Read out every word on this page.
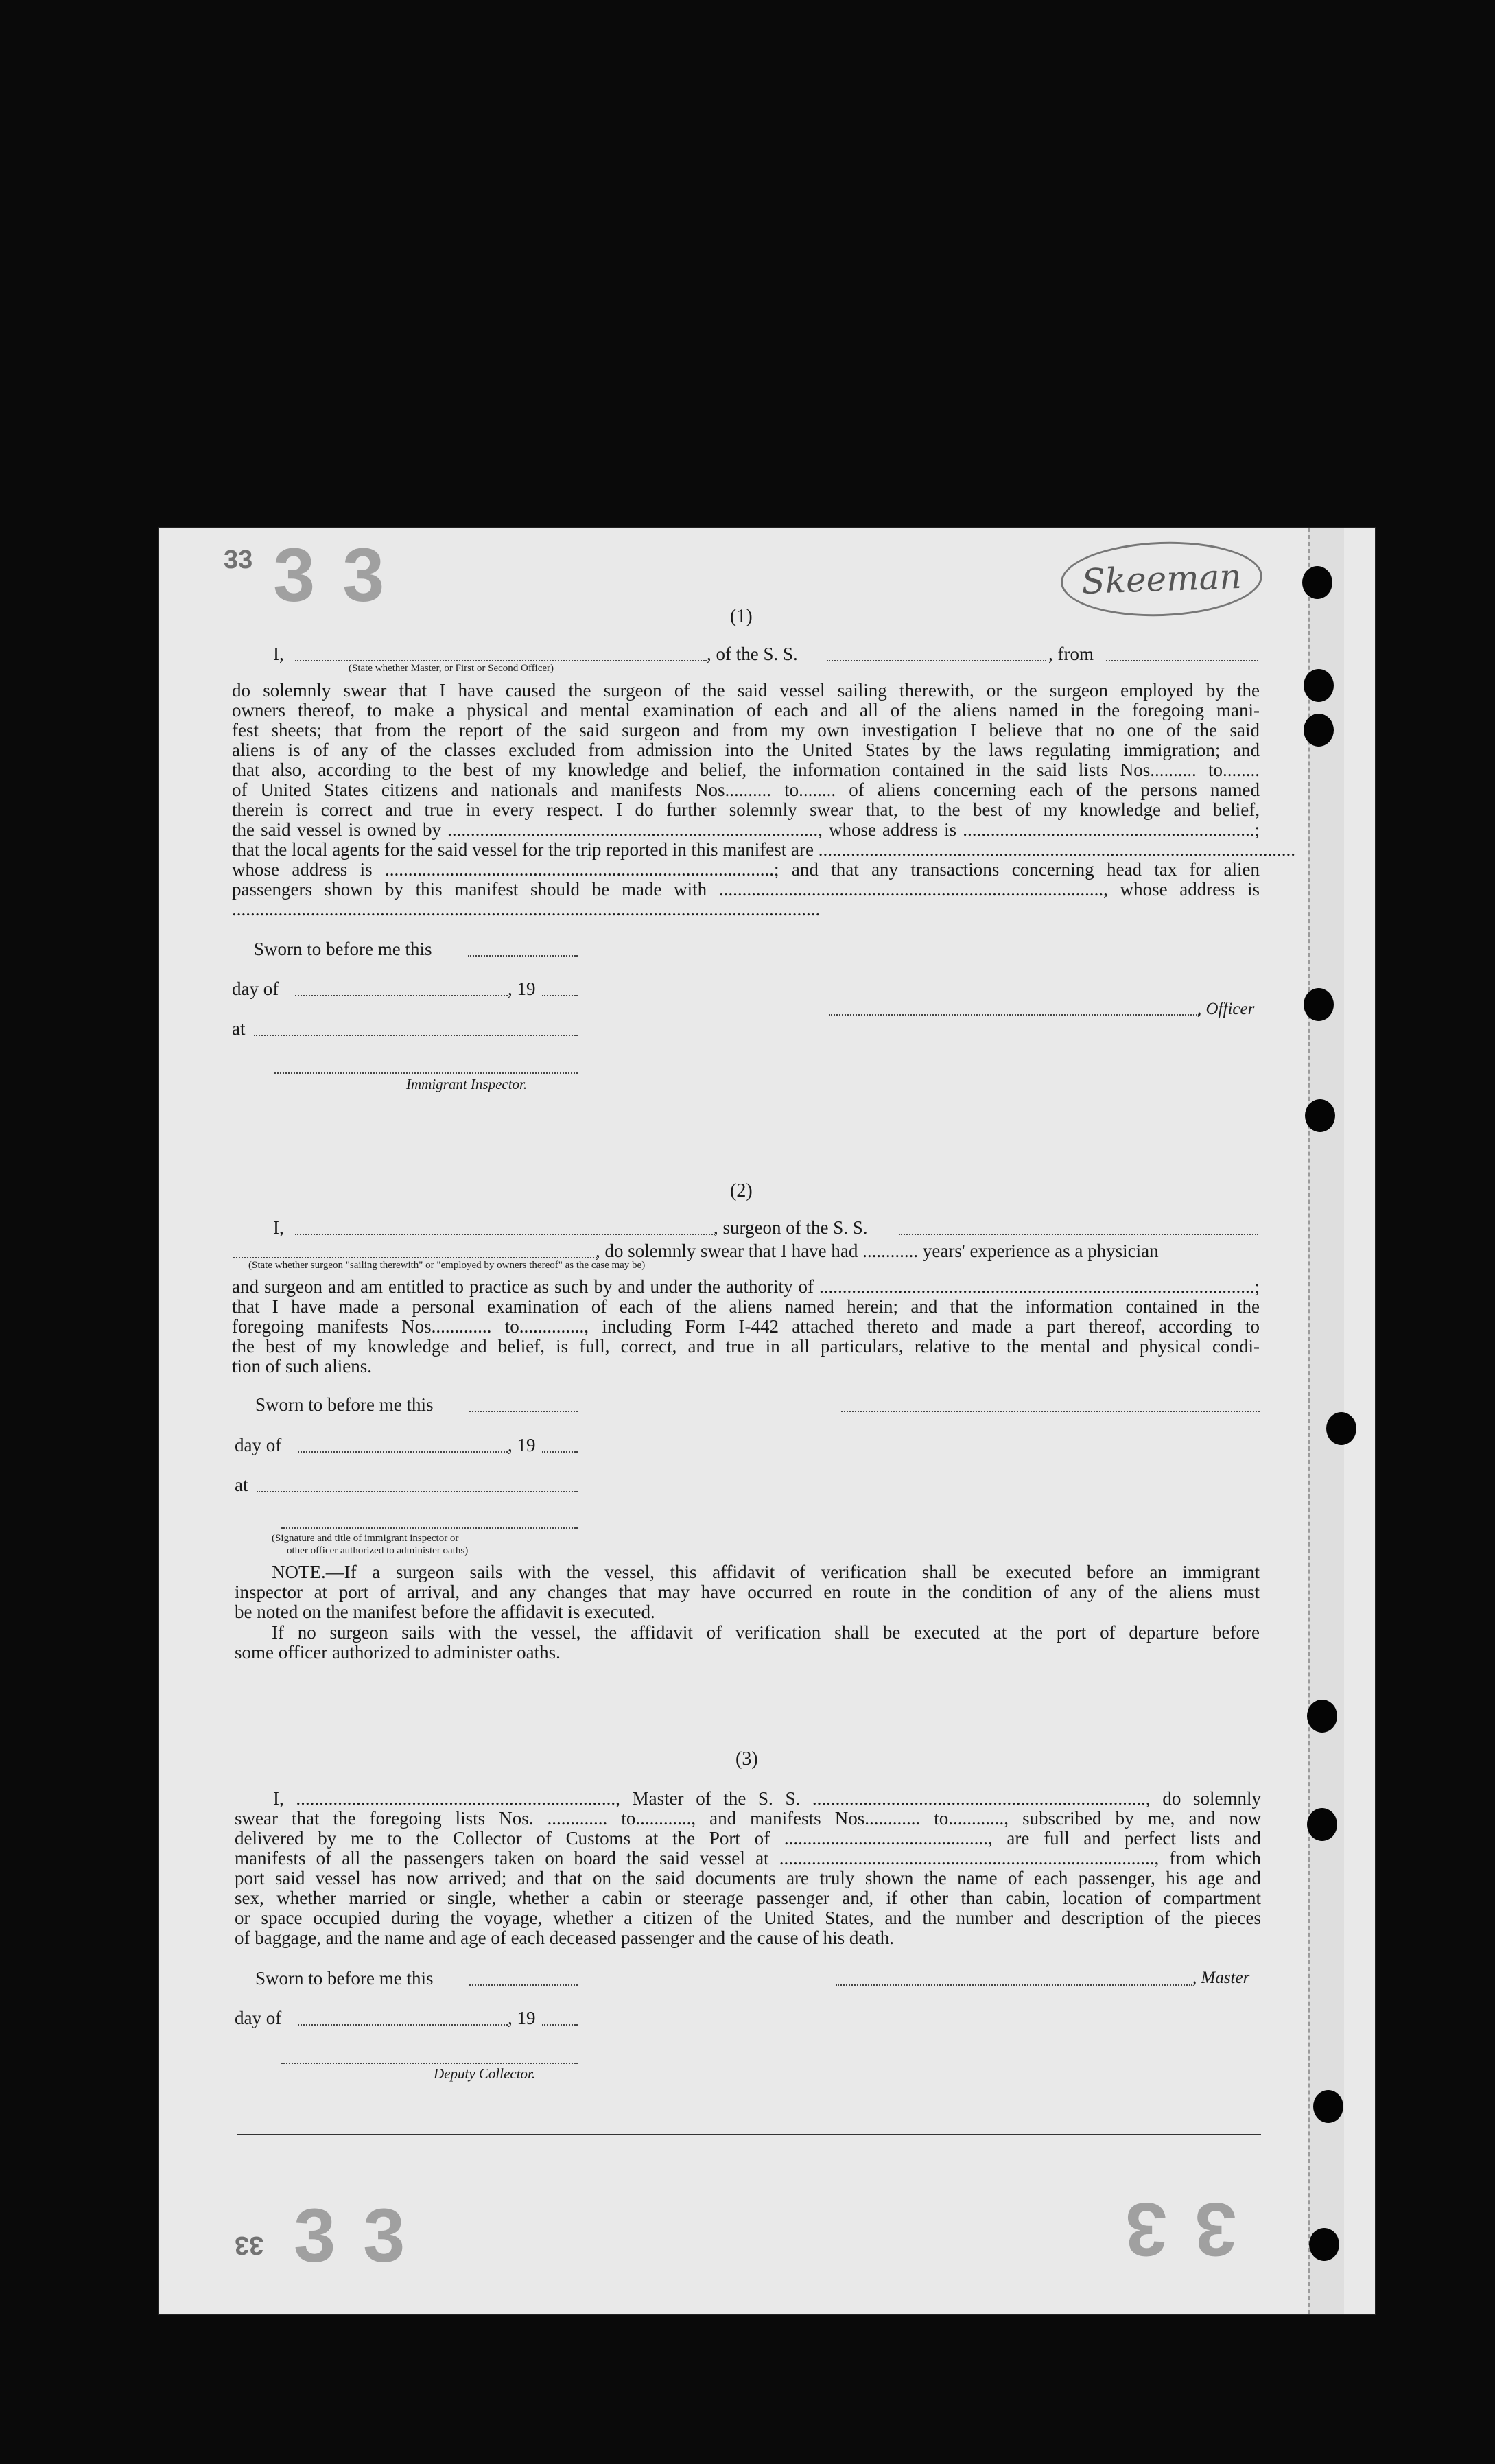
33 33
33 33	33
Skeeman
(1)
I,	, of the S. S.	, from
(State whether Master, or First or Second Officer)
do solemnly swear that I have caused the surgeon of the said vessel sailing therewith, or the surgeon employed by the
owners thereof, to make a physical and mental examination of each and all of the aliens named in the foregoing mani-
fest sheets; that from the report of the said surgeon and from my own investigation I believe that no one of the said
aliens is of any of the classes excluded from admission into the United States by the laws regulating immigration; and
that also, according to the best of my knowledge and belief, the information contained in the said lists Nos.......... to........
of United States citizens and nationals and manifests Nos.......... to........ of aliens concerning each of the persons named
therein is correct and true in every respect. I do further solemnly swear that, to the best of my knowledge and belief,
the said vessel is owned by ................................................................................, whose address is ...............................................................;
that the local agents for the said vessel for the trip reported in this manifest are .......................................................................................................
whose address is ....................................................................................; and that any transactions concerning head tax for alien
passengers shown by this manifest should be made with ..................................................................................., whose address is
...............................................................................................................................
Sworn to before me this
day of	, 19
at
Immigrant Inspector.
, Officer
(2)
I,	, surgeon of the S. S.
, do solemnly swear that I have had ............ years' experience as a physician
(State whether surgeon "sailing therewith" or "employed by owners thereof" as the case may be)
and surgeon and am entitled to practice as such by and under the authority of ..............................................................................................;
that I have made a personal examination of each of the aliens named herein; and that the information contained in the
foregoing manifests Nos............. to.............., including Form I-442 attached thereto and made a part thereof, according to
the best of my knowledge and belief, is full, correct, and true in all particulars, relative to the mental and physical condi-
tion of such aliens.
Sworn to before me this
day of	, 19
at
(Signature and title of immigrant inspector or
other officer authorized to administer oaths)
NOTE.—If a surgeon sails with the vessel, this affidavit of verification shall be executed before an immigrant
inspector at port of arrival, and any changes that may have occurred en route in the condition of any of the aliens must
be noted on the manifest before the affidavit is executed.
If no surgeon sails with the vessel, the affidavit of verification shall be executed at the port of departure before
some officer authorized to administer oaths.
(3)
I, ....................................................................., Master of the S. S. ........................................................................, do solemnly
swear that the foregoing lists Nos. ............. to............, and manifests Nos............ to............, subscribed by me, and now
delivered by me to the Collector of Customs at the Port of ............................................, are full and perfect lists and
manifests of all the passengers taken on board the said vessel at ................................................................................., from which
port said vessel has now arrived; and that on the said documents are truly shown the name of each passenger, his age and
sex, whether married or single, whether a cabin or steerage passenger and, if other than cabin, location of compartment
or space occupied during the voyage, whether a citizen of the United States, and the number and description of the pieces
of baggage, and the name and age of each deceased passenger and the cause of his death.
Sworn to before me this	, Master
day of	, 19
Deputy Collector.
